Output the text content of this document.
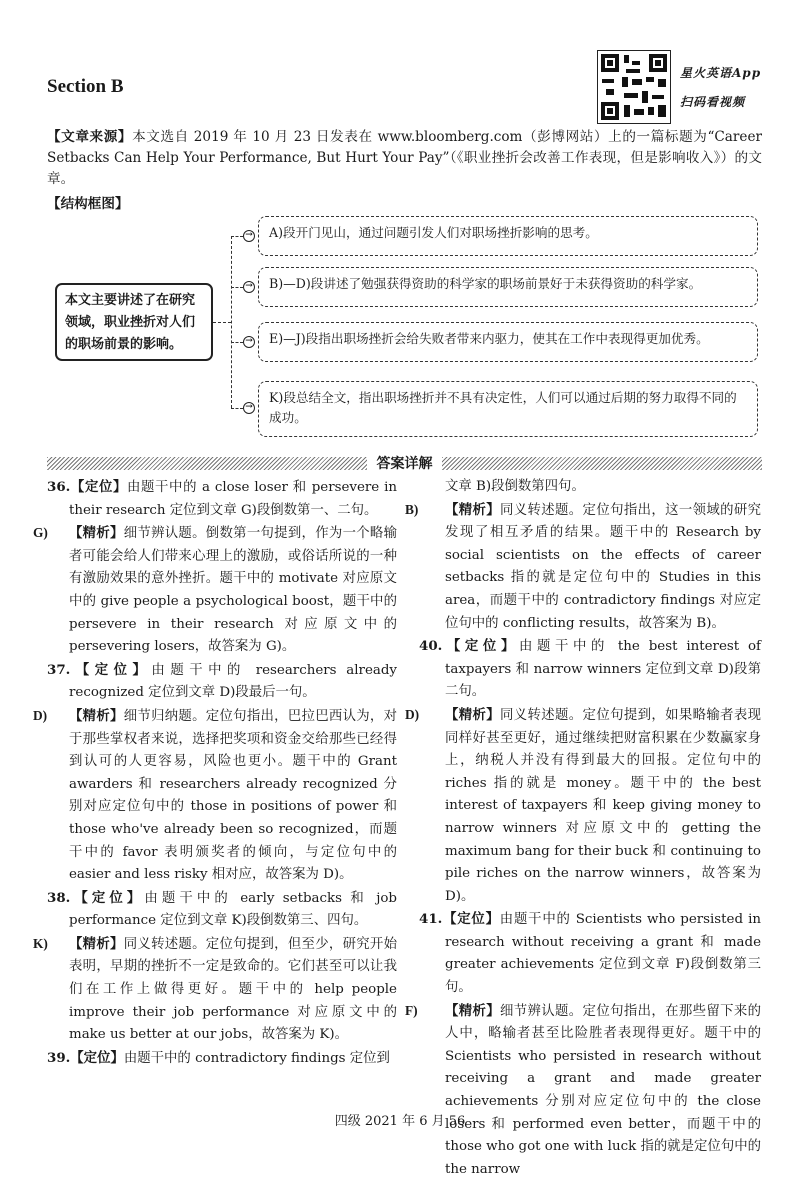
Section B
星火英语App
扫码看视频
【文章来源】本文选自 2019 年 10 月 23 日发表在 www.bloomberg.com（彭博网站）上的一篇标题为“Career Setbacks Can Help Your Performance, But Hurt Your Pay”（《职业挫折会改善工作表现，但是影响收入》）的文章。
【结构框图】
本文主要讲述了在研究领域，职业挫折对人们的职场前景的影响。
→	A)段开门见山，通过问题引发人们对职场挫折影响的思考。
→	B)—D)段讲述了勉强获得资助的科学家的职场前景好于未获得资助的科学家。
→	E)—J)段指出职场挫折会给失败者带来内驱力，使其在工作中表现得更加优秀。
→
K)段总结全文，指出职场挫折并不具有决定性，人们可以通过后期的努力取得不同的成功。
答案详解

36.【定位】由题干中的 a close loser 和 persevere in their research 定位到文章 G)段倒数第一、二句。

G) 【精析】细节辨认题。倒数第一句提到，作为一个略输者可能会给人们带来心理上的激励，或俗话所说的一种有激励效果的意外挫折。题干中的 motivate 对应原文中的 give people a psychological boost，题干中的 persevere in their research 对应原文中的 persevering losers，故答案为 G)。

37.【定位】由题干中的 researchers already recognized 定位到文章 D)段最后一句。

D) 【精析】细节归纳题。定位句指出，巴拉巴西认为，对于那些掌权者来说，选择把奖项和资金交给那些已经得到认可的人更容易，风险也更小。题干中的 Grant awarders 和 researchers already recognized 分别对应定位句中的 those in positions of power 和 those who've already been so recognized，而题干中的 favor 表明颁奖者的倾向，与定位句中的 easier and less risky 相对应，故答案为 D)。

38.【定位】由题干中的 early setbacks 和 job performance 定位到文章 K)段倒数第三、四句。

K) 【精析】同义转述题。定位句提到，但至少，研究开始表明，早期的挫折不一定是致命的。它们甚至可以让我们在工作上做得更好。题干中的 help people improve their job performance 对应原文中的 make us better at our jobs，故答案为 K)。

39.【定位】由题干中的 contradictory findings 定位到

文章 B)段倒数第四句。

B) 【精析】同义转述题。定位句指出，这一领域的研究发现了相互矛盾的结果。题干中的 Research by social scientists on the effects of career setbacks 指的就是定位句中的 Studies in this area，而题干中的 contradictory findings 对应定位句中的 conflicting results，故答案为 B)。

40.【定位】由题干中的 the best interest of taxpayers 和 narrow winners 定位到文章 D)段第二句。

D) 【精析】同义转述题。定位句提到，如果略输者表现同样好甚至更好，通过继续把财富积累在少数赢家身上，纳税人并没有得到最大的回报。定位句中的 riches 指的就是 money。题干中的 the best interest of taxpayers 和 keep giving money to narrow winners 对应原文中的 getting the maximum bang for their buck 和 continuing to pile riches on the narrow winners，故答案为 D)。

41.【定位】由题干中的 Scientists who persisted in research without receiving a grant 和 made greater achievements 定位到文章 F)段倒数第三句。

F) 【精析】细节辨认题。定位句指出，在那些留下来的人中，略输者甚至比险胜者表现得更好。题干中的 Scientists who persisted in research without receiving a grant and made greater achievements 分别对应定位句中的 the close losers 和 performed even better，而题干中的 those who got one with luck 指的就是定位句中的 the narrow

四级 2021 年 6 月 56
